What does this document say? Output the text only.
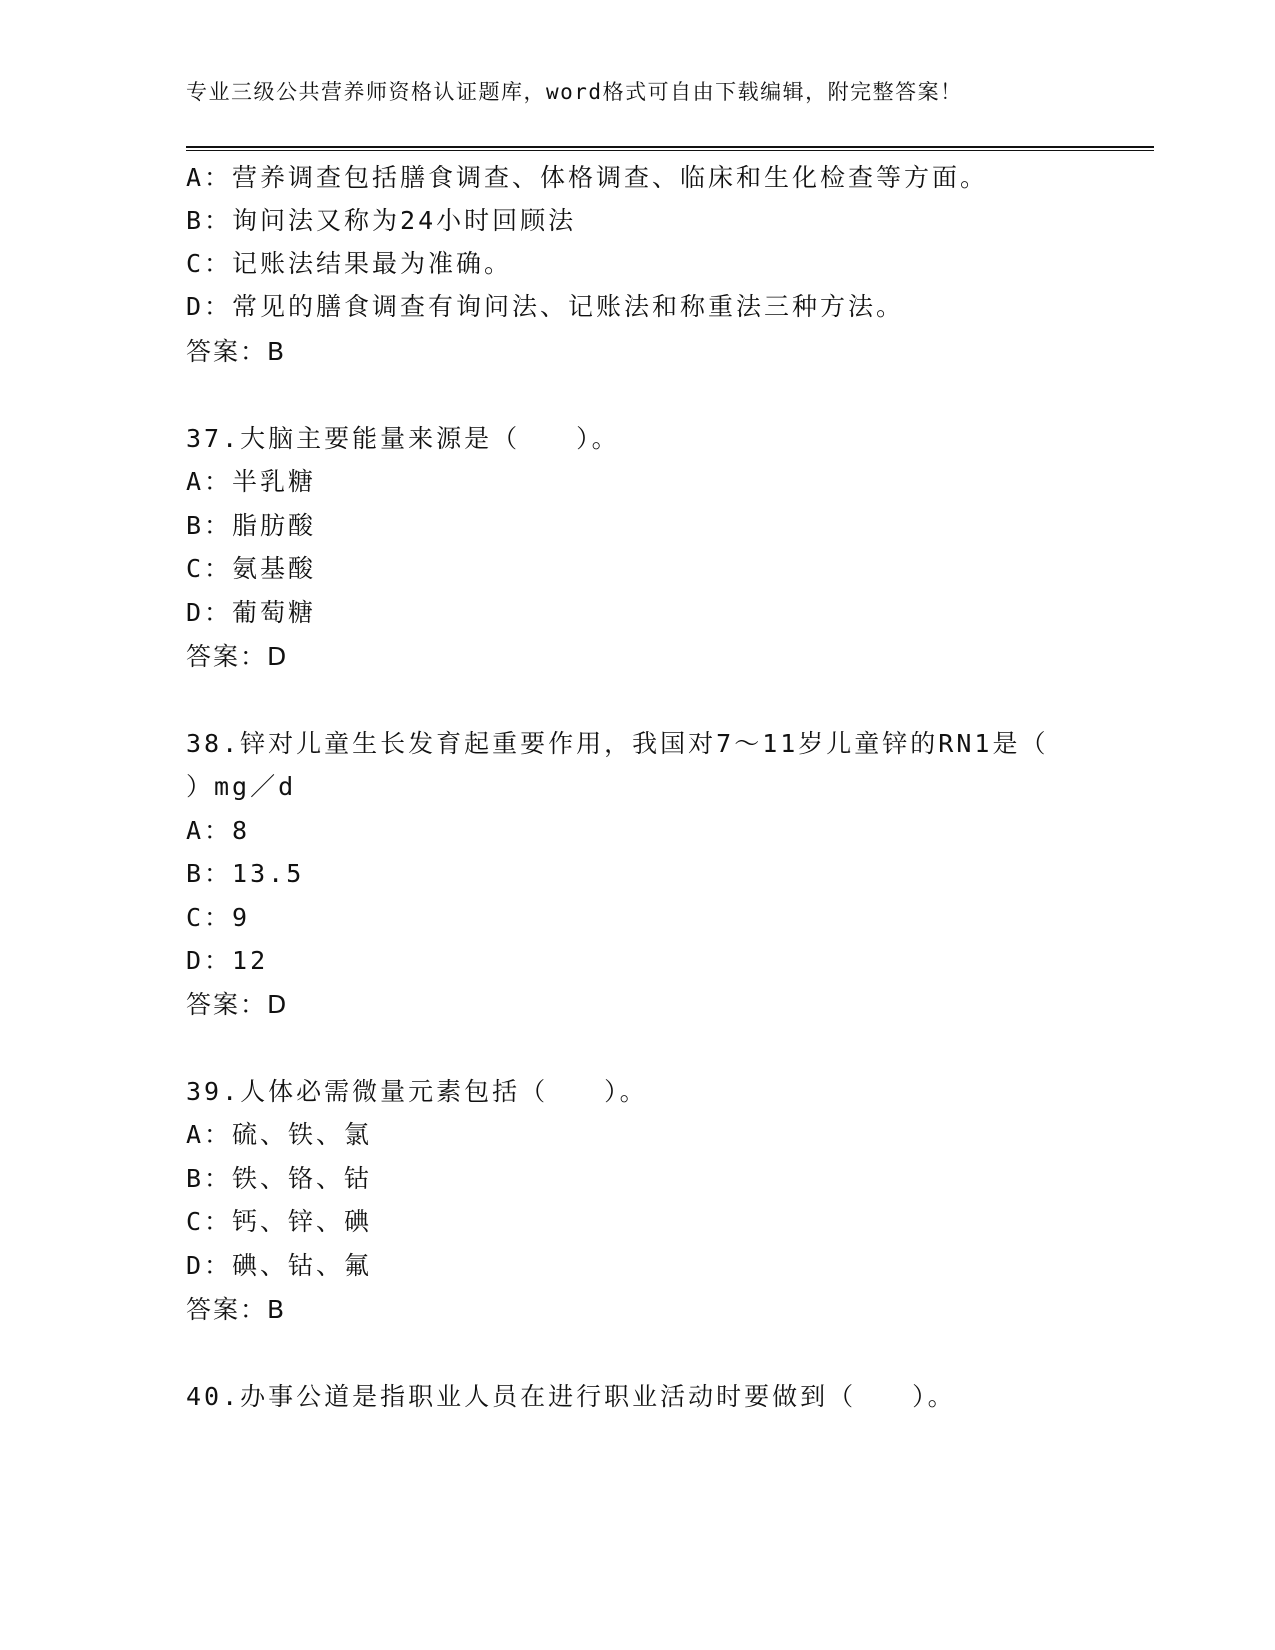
专业三级公共营养师资格认证题库，word格式可自由下载编辑，附完整答案！
A：营养调查包括膳食调查、体格调查、临床和生化检查等方面。
B：询问法又称为24小时回顾法
C：记账法结果最为准确。
D：常见的膳食调查有询问法、记账法和称重法三种方法。
答案：B
37.大脑主要能量来源是（　　）。
A：半乳糖
B：脂肪酸
C：氨基酸
D：葡萄糖
答案：D
38.锌对儿童生长发育起重要作用，我国对7～11岁儿童锌的RN1是（
）mg／d
A：8
B：13.5
C：9
D：12
答案：D
39.人体必需微量元素包括（　　）。
A：硫、铁、氯
B：铁、铬、钴
C：钙、锌、碘
D：碘、钴、氟
答案：B
40.办事公道是指职业人员在进行职业活动时要做到（　　）。
